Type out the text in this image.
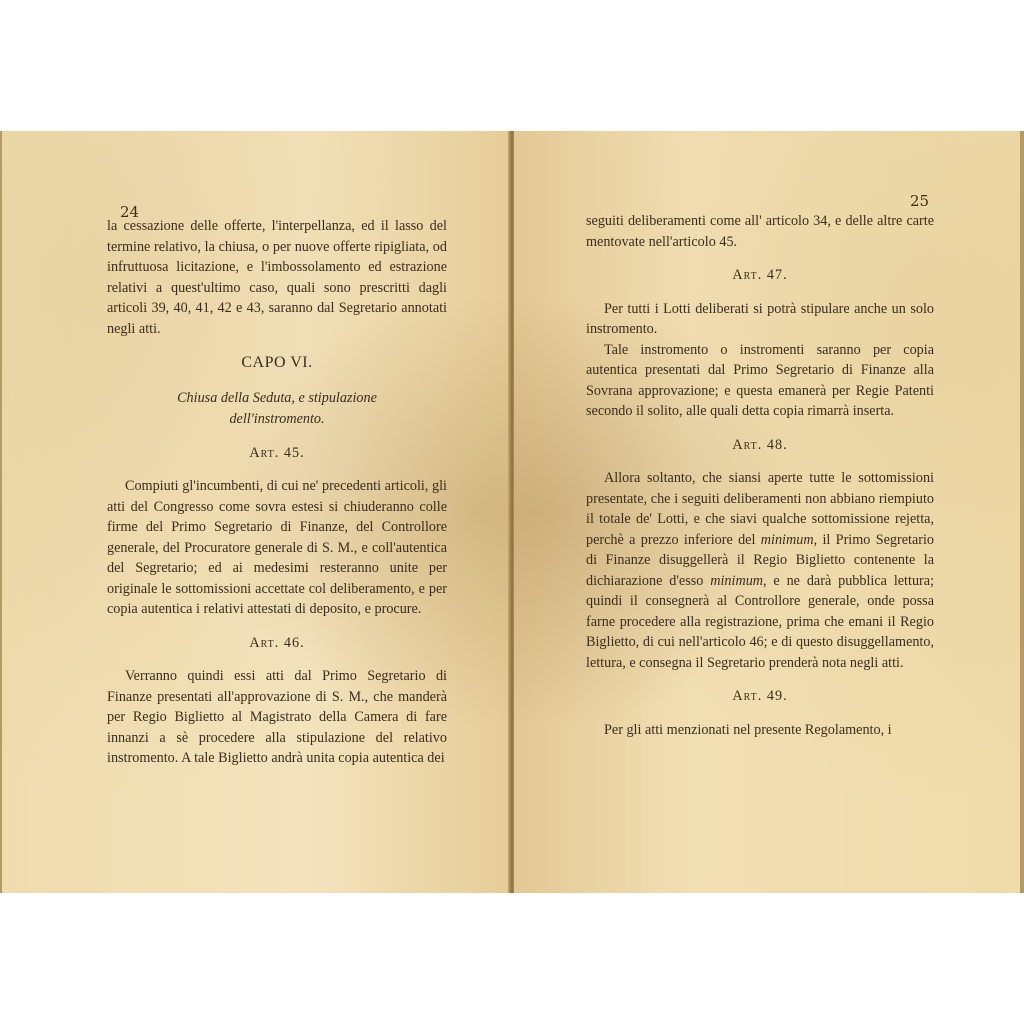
24

la cessazione delle offerte, l'interpellanza, ed il lasso del termine relativo, la chiusa, o per nuove offerte ripigliata, od infruttuosa licitazione, e l'imbossolamento ed estrazione relativi a quest'ultimo caso, quali sono prescritti dagli articoli 39, 40, 41, 42 e 43, saranno dal Segretario annotati negli atti.

CAPO VI.

Chiusa della Seduta, e stipulazione dell'instromento.

Art. 45.

Compiuti gl'incumbenti, di cui ne' precedenti articoli, gli atti del Congresso come sovra estesi si chiuderanno colle firme del Primo Segretario di Finanze, del Controllore generale, del Procuratore generale di S. M., e coll'autentica del Segretario; ed ai medesimi resteranno unite per originale le sottomissioni accettate col deliberamento, e per copia autentica i relativi attestati di deposito, e procure.

Art. 46.

Verranno quindi essi atti dal Primo Segretario di Finanze presentati all'approvazione di S. M., che manderà per Regio Biglietto al Magistrato della Camera di fare innanzi a sè procedere alla stipulazione del relativo instromento. A tale Biglietto andrà unita copia autentica dei

25

seguiti deliberamenti come all' articolo 34, e delle altre carte mentovate nell'articolo 45.

Art. 47.

Per tutti i Lotti deliberati si potrà stipulare anche un solo instromento.

Tale instromento o instromenti saranno per copia autentica presentati dal Primo Segretario di Finanze alla Sovrana approvazione; e questa emanerà per Regie Patenti secondo il solito, alle quali detta copia rimarrà inserta.

Art. 48.

Allora soltanto, che siansi aperte tutte le sottomissioni presentate, che i seguiti deliberamenti non abbiano riempiuto il totale de' Lotti, e che siavi qualche sottomissione rejetta, perchè a prezzo inferiore del minimum, il Primo Segretario di Finanze disuggellerà il Regio Biglietto contenente la dichiarazione d'esso minimum, e ne darà pubblica lettura; quindi il consegnerà al Controllore generale, onde possa farne procedere alla registrazione, prima che emani il Regio Biglietto, di cui nell'articolo 46; e di questo disuggellamento, lettura, e consegna il Segretario prenderà nota negli atti.

Art. 49.

Per gli atti menzionati nel presente Regolamento, i
